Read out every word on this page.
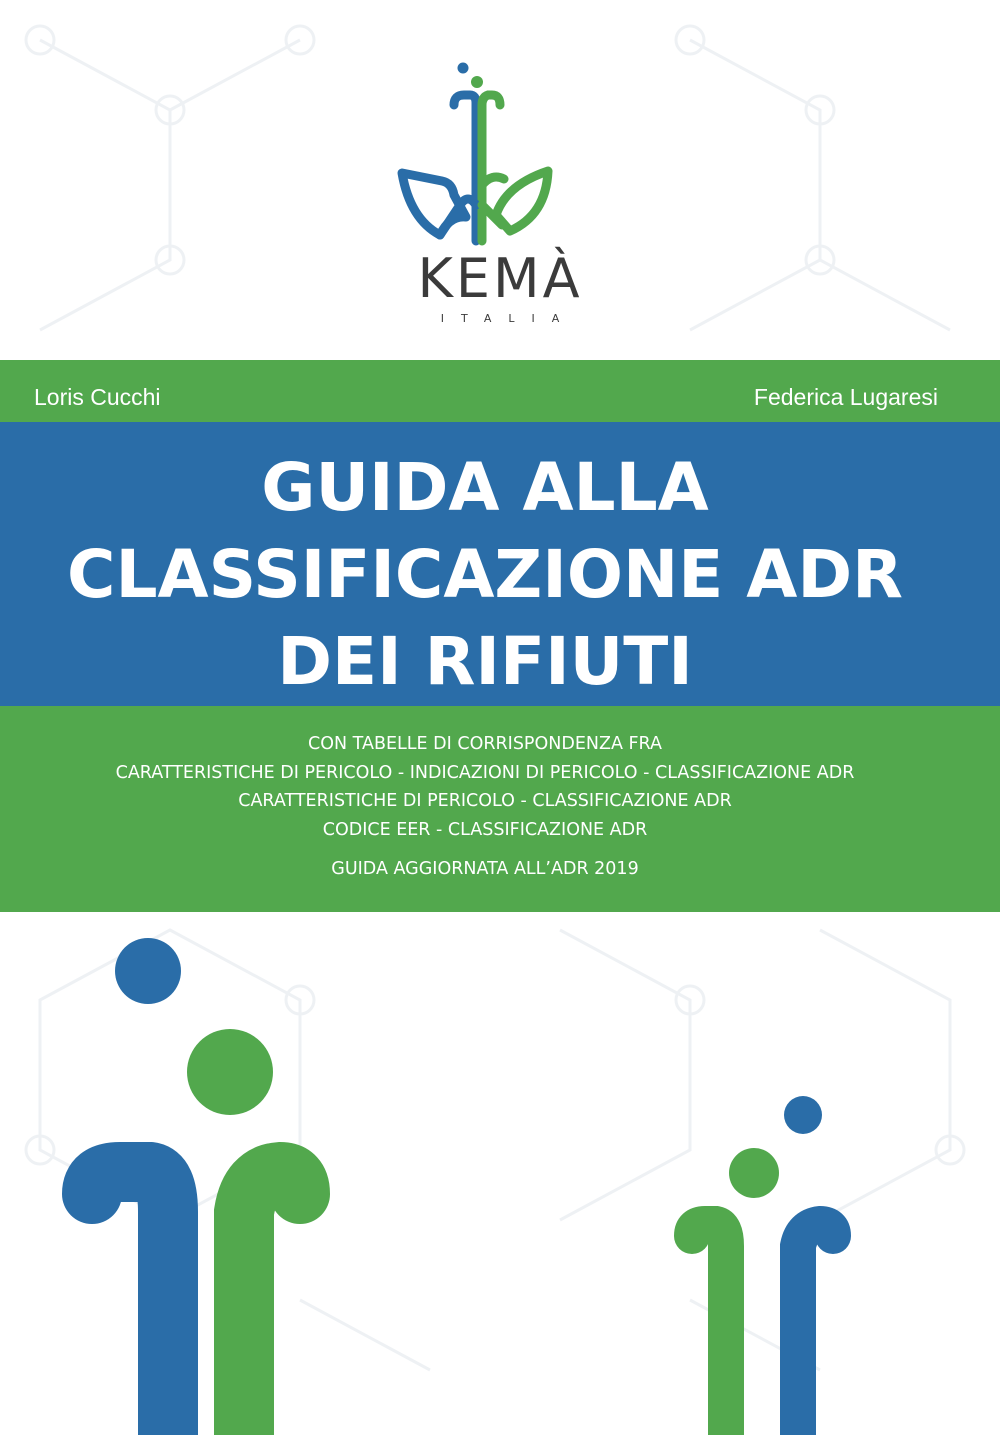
KEMÀ
ITALIA
Loris Cucchi	Federica Lugaresi
GUIDA ALLA
CLASSIFICAZIONE ADR
DEI RIFIUTI
CON TABELLE DI CORRISPONDENZA FRA
CARATTERISTICHE DI PERICOLO - INDICAZIONI DI PERICOLO - CLASSIFICAZIONE ADR
CARATTERISTICHE DI PERICOLO - CLASSIFICAZIONE ADR
CODICE EER - CLASSIFICAZIONE ADR
GUIDA AGGIORNATA ALL’ADR 2019
